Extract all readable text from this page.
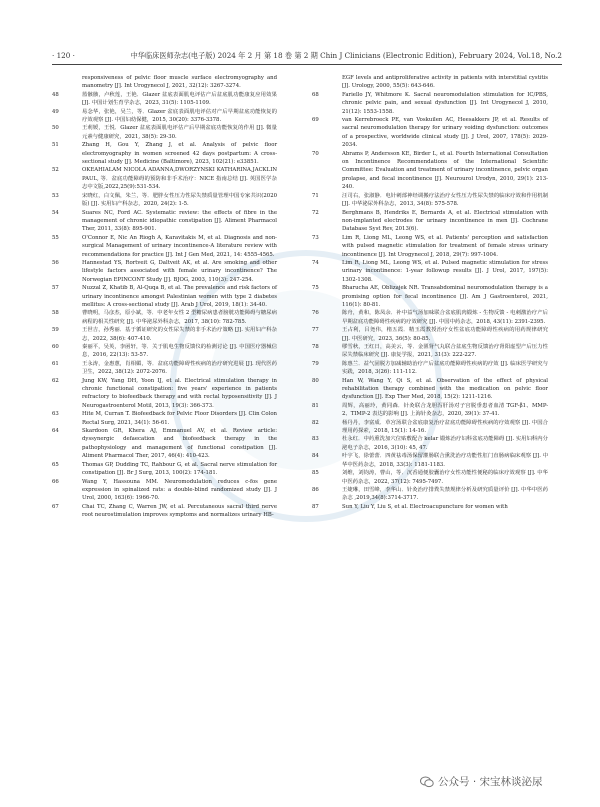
· 120 ·	中华临床医师杂志(电子版) 2024 年 2 月 第 18 卷 第 2 期 Chin J Clinicians (Electronic Edition), February 2024, Vol.18, No.2
responsiveness of pelvic floor muscle surface electromyography and manometry [J]. Int Urogynecol J, 2021, 32(12): 3267-3274.
48	篮骸骸，卢秋莲，王艳．Glazer 盆底表面肌电评估产后盆底肌功能康复应用效果 [J]. 中国计划生育学杂志，2023, 31(5): 1105-1109.
49	易念华，张艳，吴兰，等．Glazer 盆底表面肌电评估对产后早期盆底功能恢复的疗效观察 [J]. 中国妇幼保健，2015, 30(20): 3376-3378.
50	王莉媛，王悦．Glazer 盆底表面肌电评估产后早期盆底功能恢复的作用 [J]. 微量元素与健康研究，2021, 38(5): 29-30.
51	Zhang H, Gou Y, Zhang J, et al. Analysis of pelvic floor electromyography in women screened 42 days postpartum: A cross-sectional study [J]. Medicine (Baltimore), 2023, 102(21): e33851.
52	OKEAHIALAM NICOLA ADANNA,DWORZYNSKI KATHARINA,JACKLIN PAUL, 等．盆底功能障碍的预防和非手术治疗：NICE 指南总结 [J]. 英国医学杂志中文版,2022,25(9):531-534.
53	宋晓红，白文佩，朱兰，等．肥胖女性压力性尿失禁质量管理中国专家共识(2020 版) [J]. 实用妇产科杂志，2020, 24(2): 1-5.
54	Suares NC, Ford AC. Systematic review: the effects of fibre in the management of chronic idiopathic constipation [J]. Aliment Pharmacol Ther, 2011, 33(8): 895-901.
55	O'Connor E, Nic An Riogh A, Karavitakis M, et al. Diagnosis and non-surgical Management of urinary incontinence-A literature review with recommendations for practice [J]. Int J Gen Med, 2021, 14: 4555-4565.
56	Hannestad YS, Rortveit G, Daltveit AK, et al. Are smoking and other lifestyle factors associated with female urinary incontinence? The Norwegian EPINCONT Study [J]. BJOG, 2003, 110(3): 247-254.
57	Nuzzal Z, Khatib B, Al-Quqa B, et al. The prevalence and risk factors of urinary incontinence amongst Palestinian women with type 2 diabetes mellitus: A cross-sectional study [J]. Arab J Urol, 2019, 18(1): 34-40.
58	曹晓明，马彦杰，原小斌，等．中老年女性 2 型糖尿病患者膀胱功能障碍与糖尿病病程的相关性研究 [J]. 中华泌尿外科杂志，2017, 38(10): 782-785.
59	王世吉，孙秀丽．基于循证研究的女性尿失禁的非手术治疗策略 [J]. 实用妇产科杂志，2022, 38(6): 407-410.
60	秦丽平，吴英，李函轩，等．关于肌电生物反馈仪的检测讨论 [J]. 中国医疗器械信息，2016, 22(13): 53-57.
61	王永涛，金惠蕙，肖相媚，等．盆底功能障碍性疾病的治疗研究进展 [J]. 现代医药卫生，2022, 38(12): 2072-2076.
62	Jung KW, Yang DH, Yoon IJ, et al. Electrical stimulation therapy in chronic functional constipation: five years' experience in patients refractory to biofeedback therapy and with rectal hyposensitivity [J]. J Neurogastroenterol Motil, 2013, 19(3): 366-373.
63	Hite M, Curran T. Biofeedback for Pelvic Floor Disorders [J]. Clin Colon Rectal Surg, 2021, 34(1): 56-61.
64	Skardoon GR, Khera AJ, Emmanuel AV, et al. Review article: dyssynergic defaecation and biofeedback therapy in the pathophysiology and management of functional constipation [J]. Aliment Pharmacol Ther, 2017, 46(4): 410-423.
65	Thomas GP, Dudding TC, Rahbour G, et al. Sacral nerve stimulation for constipation [J]. Br J Surg, 2013, 100(2): 174-181.
66	Wang Y, Hassouna MM. Neuromodulation reduces c-fos gene expression in spinalized rats: a double-blind randomized study [J]. J Urol, 2000, 163(6): 1966-70.
67	Chai TC, Zhang C, Warren JW, et al. Percutaneous sacral third nerve root neurostimulation improves symptoms and normalizes urinary HB-
EGF levels and antiproliferative activity in patients with interstitial cystitis [J]. Urology, 2000, 55(5): 643-646.
68	Fariello JY, Whitmore K. Sacral neuromodulation stimulation for IC/PBS, chronic pelvic pain, and sexual dysfunction [J]. Int Urogynecol J, 2010, 21(12): 1553-1558.
69	van Kerrebroeck PE, van Voskuilen AC, Heesakkers JP, et al. Results of sacral neuromodulation therapy for urinary voiding dysfunction: outcomes of a prospective, worldwide clinical study [J]. J Urol, 2007, 178(5): 2029-2034.
70	Abrams P, Andersson KE, Birder L, et al. Fourth International Consultation on Incontinence Recommendations of the International Scientific Committee: Evaluation and treatment of urinary incontinence, pelvic organ prolapse, and fecal incontinence [J]. Neurourol Urodyn, 2010, 29(1): 213-240.
71	汪司右，张淑静．电针刺部神经调搬疗法治疗女性压力性尿失禁的临床疗效和作用机制 [J]. 中华泌尿外科杂志，2013, 34(8): 575-578.
72	Berghmans B, Hendriks E, Bernards A, et al. Electrical stimulation with non-implanted electrodes for urinary incontinence in men [J]. Cochrane Database Syst Rev, 2013(6).
73	Lim R, Liong ML, Leong WS, et al. Patients' perception and satisfaction with pulsed magnetic stimulation for treatment of female stress urinary incontinence [J]. Int Urogynecol J, 2018, 29(7): 997-1004.
74	Lim R, Liong ML, Leong WS, et al. Pulsed magnetic stimulation for stress urinary incontinence: 1-year followup results [J]. J Urol, 2017, 197(5): 1302-1308.
75	Bharucha AE, Oblizajek NR. Transabdominal neuromodulation therapy is a promising option for fecal incontinence [J]. Am J Gastroenterol, 2021, 116(1): 80-81.
76	陈舟，黄和，陈凤余．补中益气汤加味联合盆底肌肉锻炼 - 生物反馈 - 电刺激治疗产后早期盆底功能障碍性疾病的疗效研究 [J]. 中国中药杂志，2018, 43(11): 2391-2395.
77	王占利，吕尧伟，楮五霞．精玉霞教授治疗女性盆底功能障碍性疾病的用药规律研究 [J]. 中医研究，2023, 36(5): 80-85.
78	缪雪秋，王红日，高美云，等．金匮肾气丸联合盆底生物反馈治疗肾阳虚型产后压力性尿失禁临床研究 [J]. 康复学报，2021, 31(3): 222-227.
79	陈惠兰．益气固脱方加减辅助治疗产后盆底功能障碍性疾病的疗效 [J]. 临床医学研究与实践，2018, 3(26): 111-112.
80	Han W, Wang Y, Qi S, et al. Observation of the effect of physical rehabilitation therapy combined with the medication on pelvic floor dysfunction [J]. Exp Ther Med, 2018, 15(2): 1211-1216.
81	周辉，高丽玲，黄同森．针灸联合龙胆泻肝汤对子宫脱垂患者血清 TGF-β1、MMP-2、TIMP-2 表达的影响 [J]. 上海针灸杂志，2020, 39(1): 37-41.
82	杨丹丹，李富成．草宫汤联合盆底康复治疗盆底功能障碍性疾病的疗效观察 [J]. 中国合理用药探索，2018, 15(1): 14-16.
83	杜永红．中药熏洗加穴位贴敷配合 kelar 锻炼治疗妇科盆底功能障碍 [J]. 实用妇科内分泌电子杂志，2016, 3(10): 45, 47.
84	叶宇飞，徐蕾蕾．四黄祛毒汤保留灌肠联合熏洗治疗功能性肛门直肠病临床观察 [J]. 中华中医药杂志，2018, 33(3): 1181-1183.
85	刘维，刘钧涛，曹山，等．沉香通便胶囊治疗女性功能性便秘的临床疗效观察 [J]. 中华中医药杂志，2022, 37(12): 7495-7497.
86	王婕琳，田雪峰，李华山．针灸治疗排粪失禁规律分析及研究质量评价 [J]. 中华中医药杂志 ,2019,34(8):3714-3717.
87	Sun Y, Liu Y, Liu S, et al. Electroacupuncture for women with
公众号 · 宋宝林谈泌尿
